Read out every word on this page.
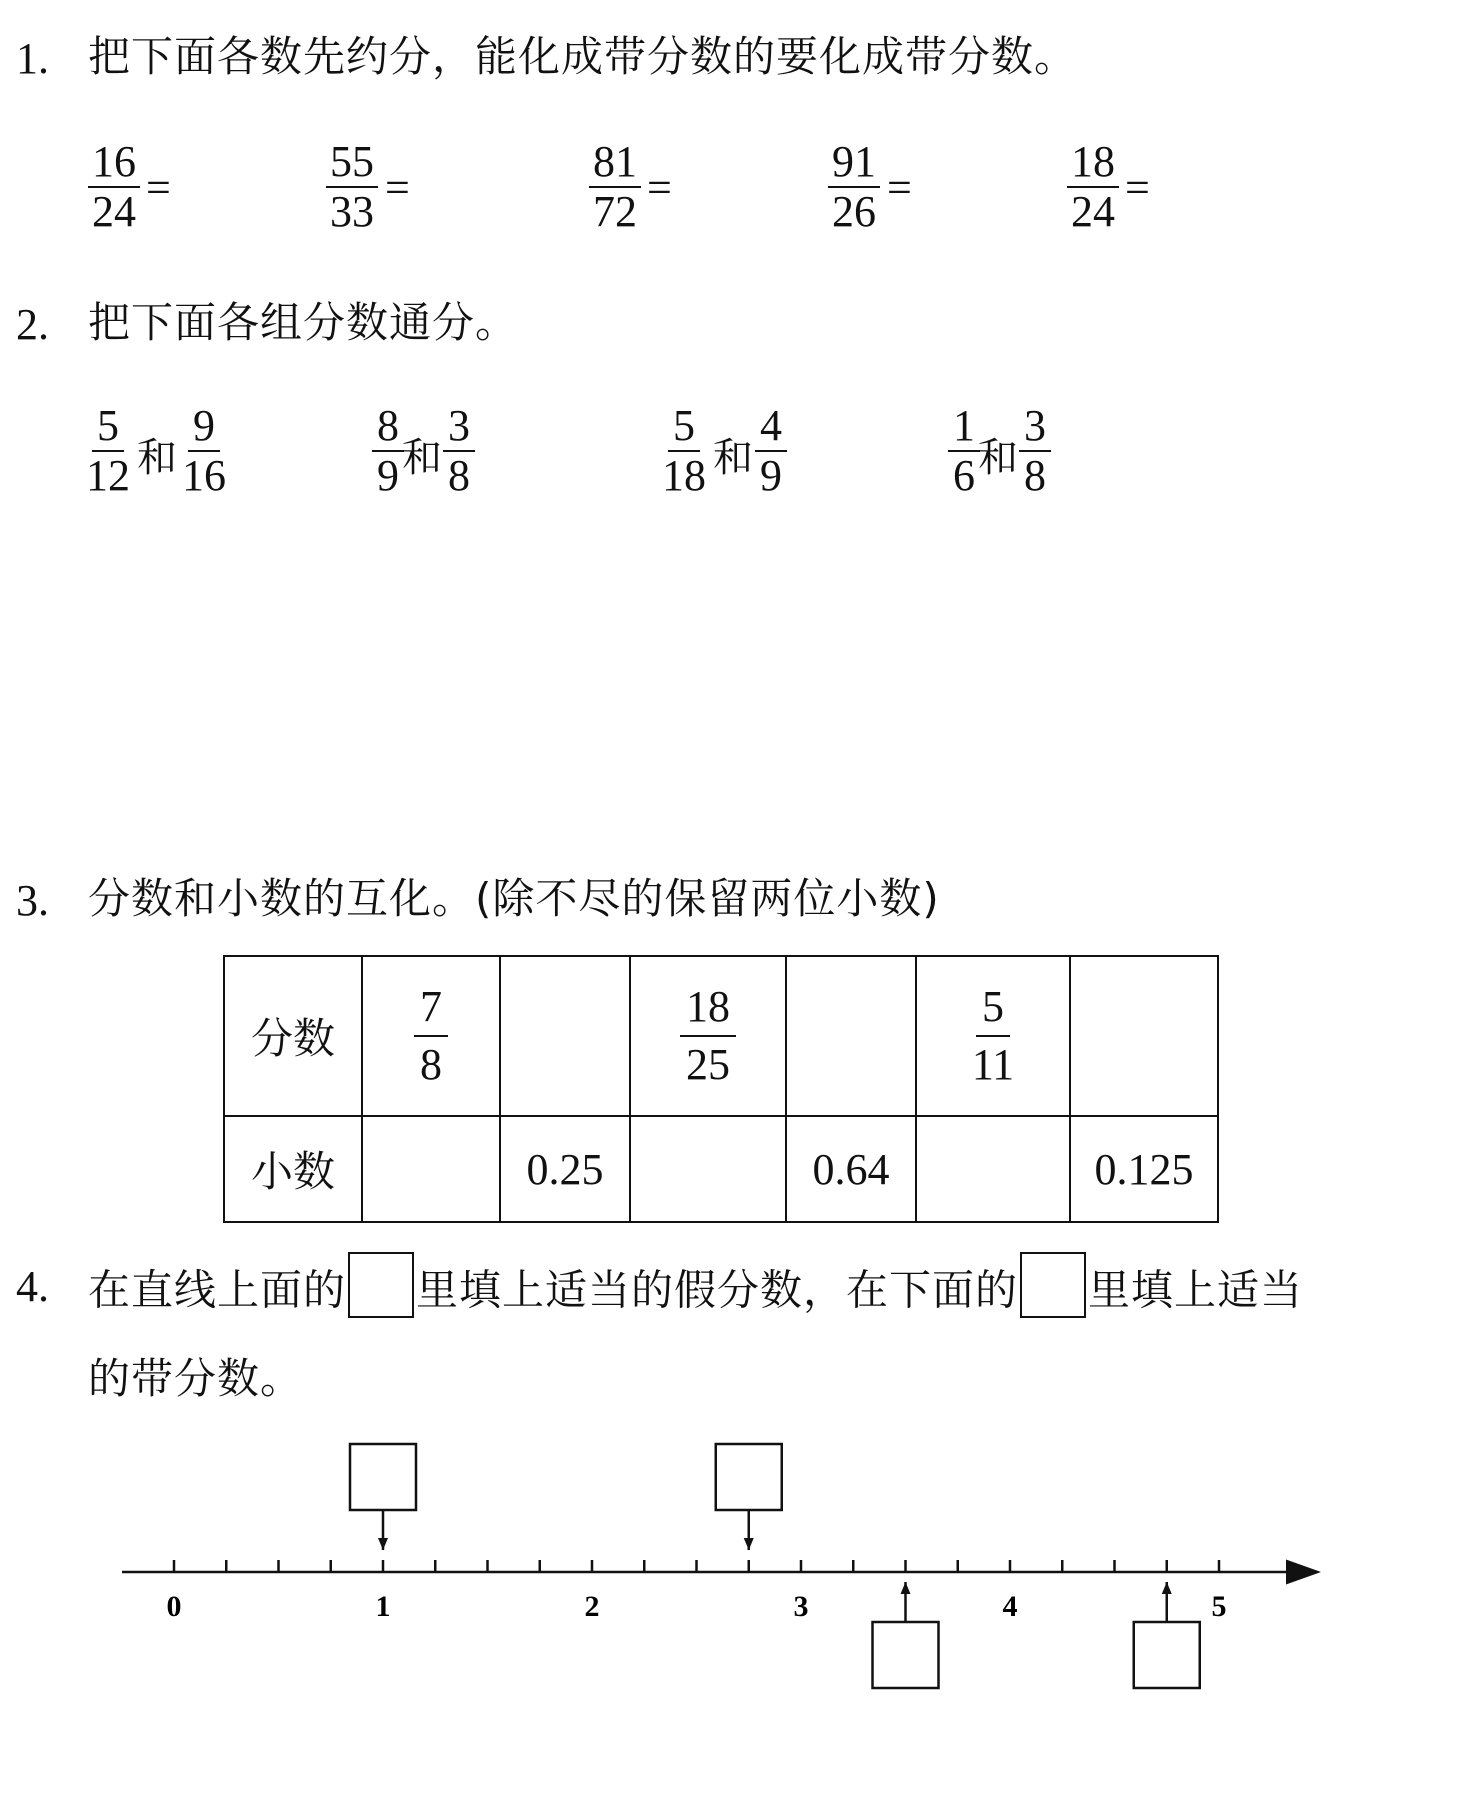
1. 把下面各数先约分，能化成带分数的要化成带分数。
$\frac{16}{24}$ =	$\frac{55}{33}$ =	$\frac{81}{72}$ =	$\frac{91}{26}$ =	$\frac{18}{24}$ =
2. 把下面各组分数通分。
$\frac{5}{12}$ 和 $\frac{9}{16}$	$\frac{8}{9}$
和 $\frac{3}{8}$	$\frac{5}{18}$ 和 $\frac{4}{9}$	$\frac{1}{6}$
和 $\frac{3}{8}$
3. 分数和小数的互化。(除不尽的保留两位小数)
分数	$\frac{7}{8}$		$\frac{18}{25}$		$\frac{5}{11}$

小数		0.25		0.64		0.125
4. 在直线上面的 里填上适当的假分数，在下面的 里填上适当
的带分数。
0	1	2	3	4	5
